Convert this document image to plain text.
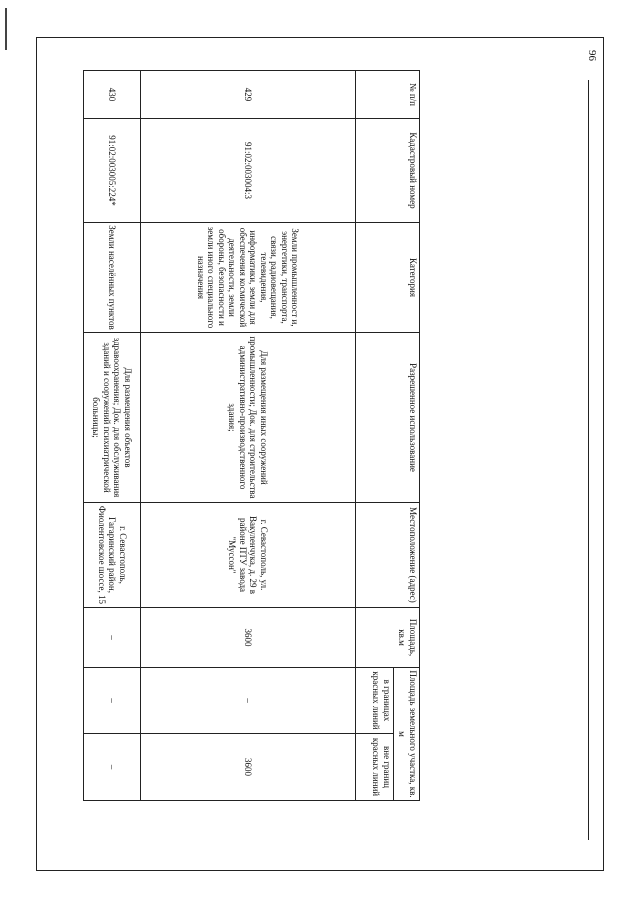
№ п/п	Кадастровый номер	Категория	Разрешенное использование	Местоположение (адрес)	Площадь, кв.м	Площадь земельного участка, кв. м	
						в границах красных линий	вне границ красных линий
429	91:02:003004:3	Земли промышленност и, энергетики, транспорта, связи, радиовещания, телевидения, информатики, земли для обеспечения космической деятельности, земли обороны, безопасности и земли иного специального назначения	Для размещения иных сооружений промышленности; Док. для строительства административно-производственного здания;	г. Севастополь, ул. Вакуленчука, д. 29 в районе ПТУ завода "Муссон"	3600	–	3600
430	91:02:003005:224*	Земли населённых пунктов	Для размещения объектов здравоохранения; Док. для обслуживания зданий и сооружений психиатрической больницы;	г. Севастополь, Гагаринский район, Фиолентовское шоссе, 15	–	–	–
96
